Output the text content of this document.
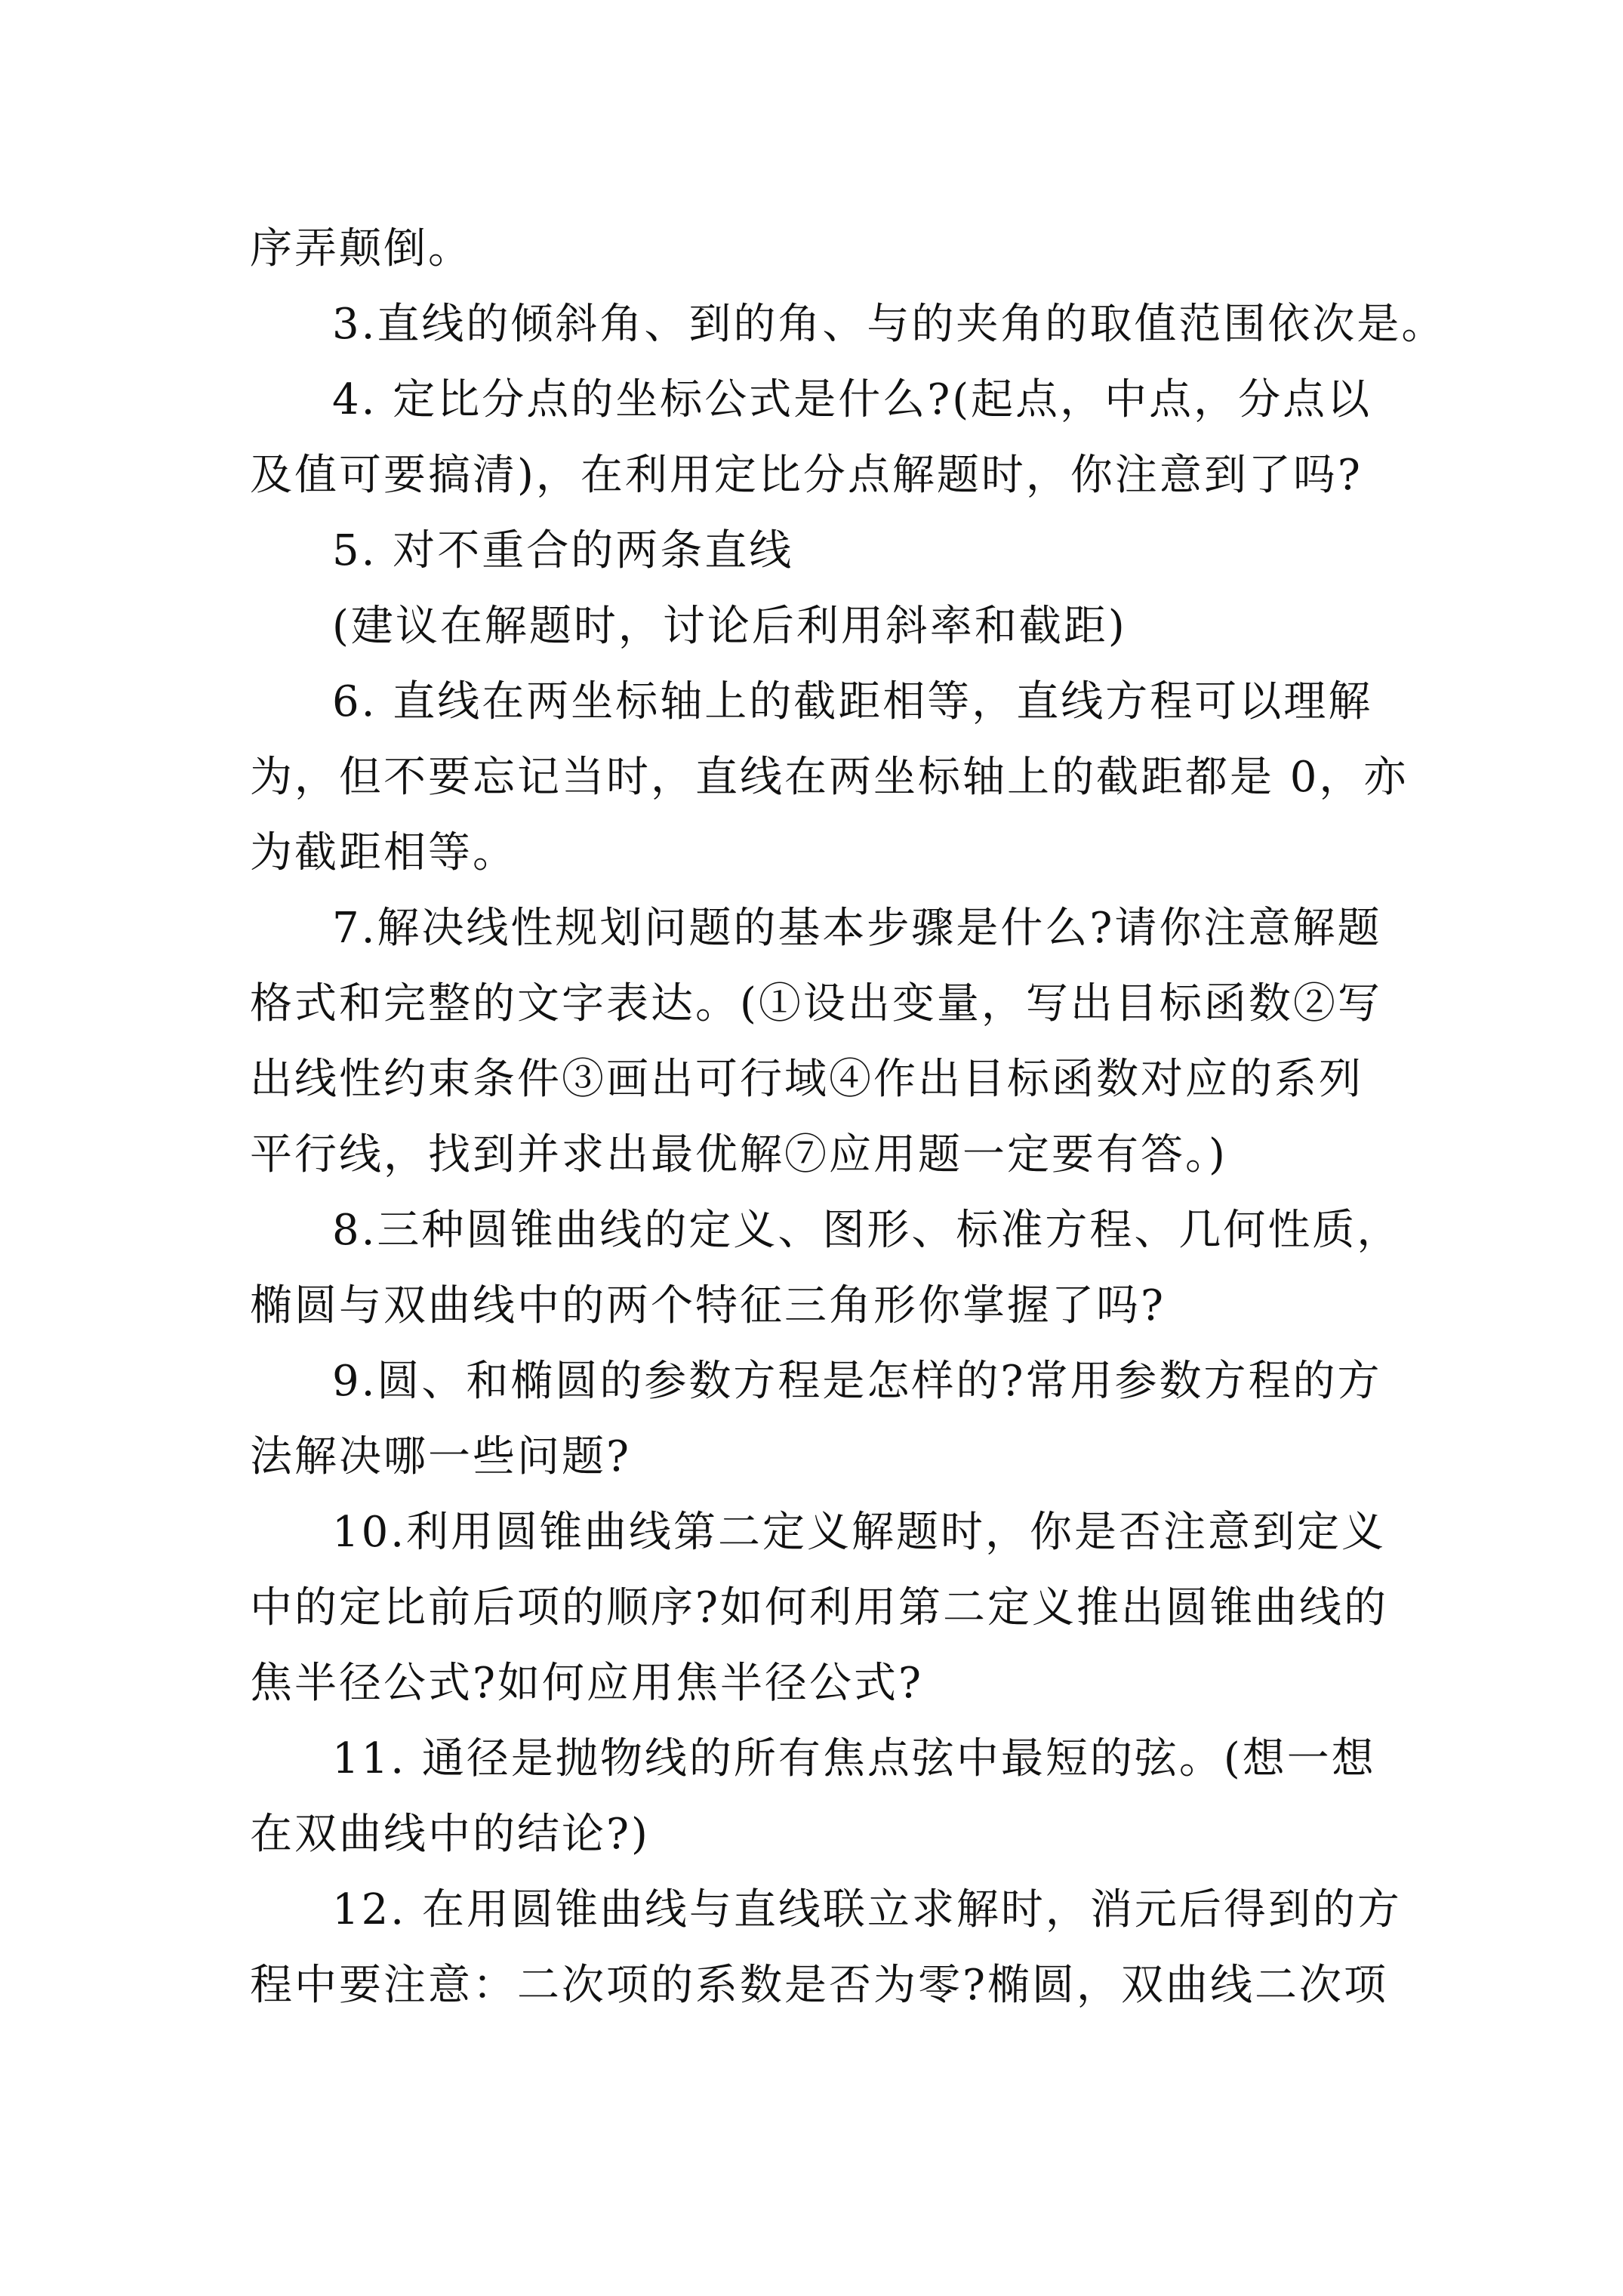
序弄颠倒。
3.直线的倾斜角、到的角、与的夹角的取值范围依次是。
4. 定比分点的坐标公式是什么?(起点，中点，分点以
及值可要搞清)，在利用定比分点解题时，你注意到了吗?
5. 对不重合的两条直线
(建议在解题时，讨论后利用斜率和截距)
6. 直线在两坐标轴上的截距相等，直线方程可以理解
为，但不要忘记当时，直线在两坐标轴上的截距都是 0，亦
为截距相等。
7.解决线性规划问题的基本步骤是什么?请你注意解题
格式和完整的文字表达。(①设出变量，写出目标函数②写
出线性约束条件③画出可行域④作出目标函数对应的系列
平行线，找到并求出最优解⑦应用题一定要有答。)
8.三种圆锥曲线的定义、图形、标准方程、几何性质，
椭圆与双曲线中的两个特征三角形你掌握了吗?
9.圆、和椭圆的参数方程是怎样的?常用参数方程的方
法解决哪一些问题?
10.利用圆锥曲线第二定义解题时，你是否注意到定义
中的定比前后项的顺序?如何利用第二定义推出圆锥曲线的
焦半径公式?如何应用焦半径公式?
11. 通径是抛物线的所有焦点弦中最短的弦。(想一想
在双曲线中的结论?)
12. 在用圆锥曲线与直线联立求解时，消元后得到的方
程中要注意：二次项的系数是否为零?椭圆，双曲线二次项
